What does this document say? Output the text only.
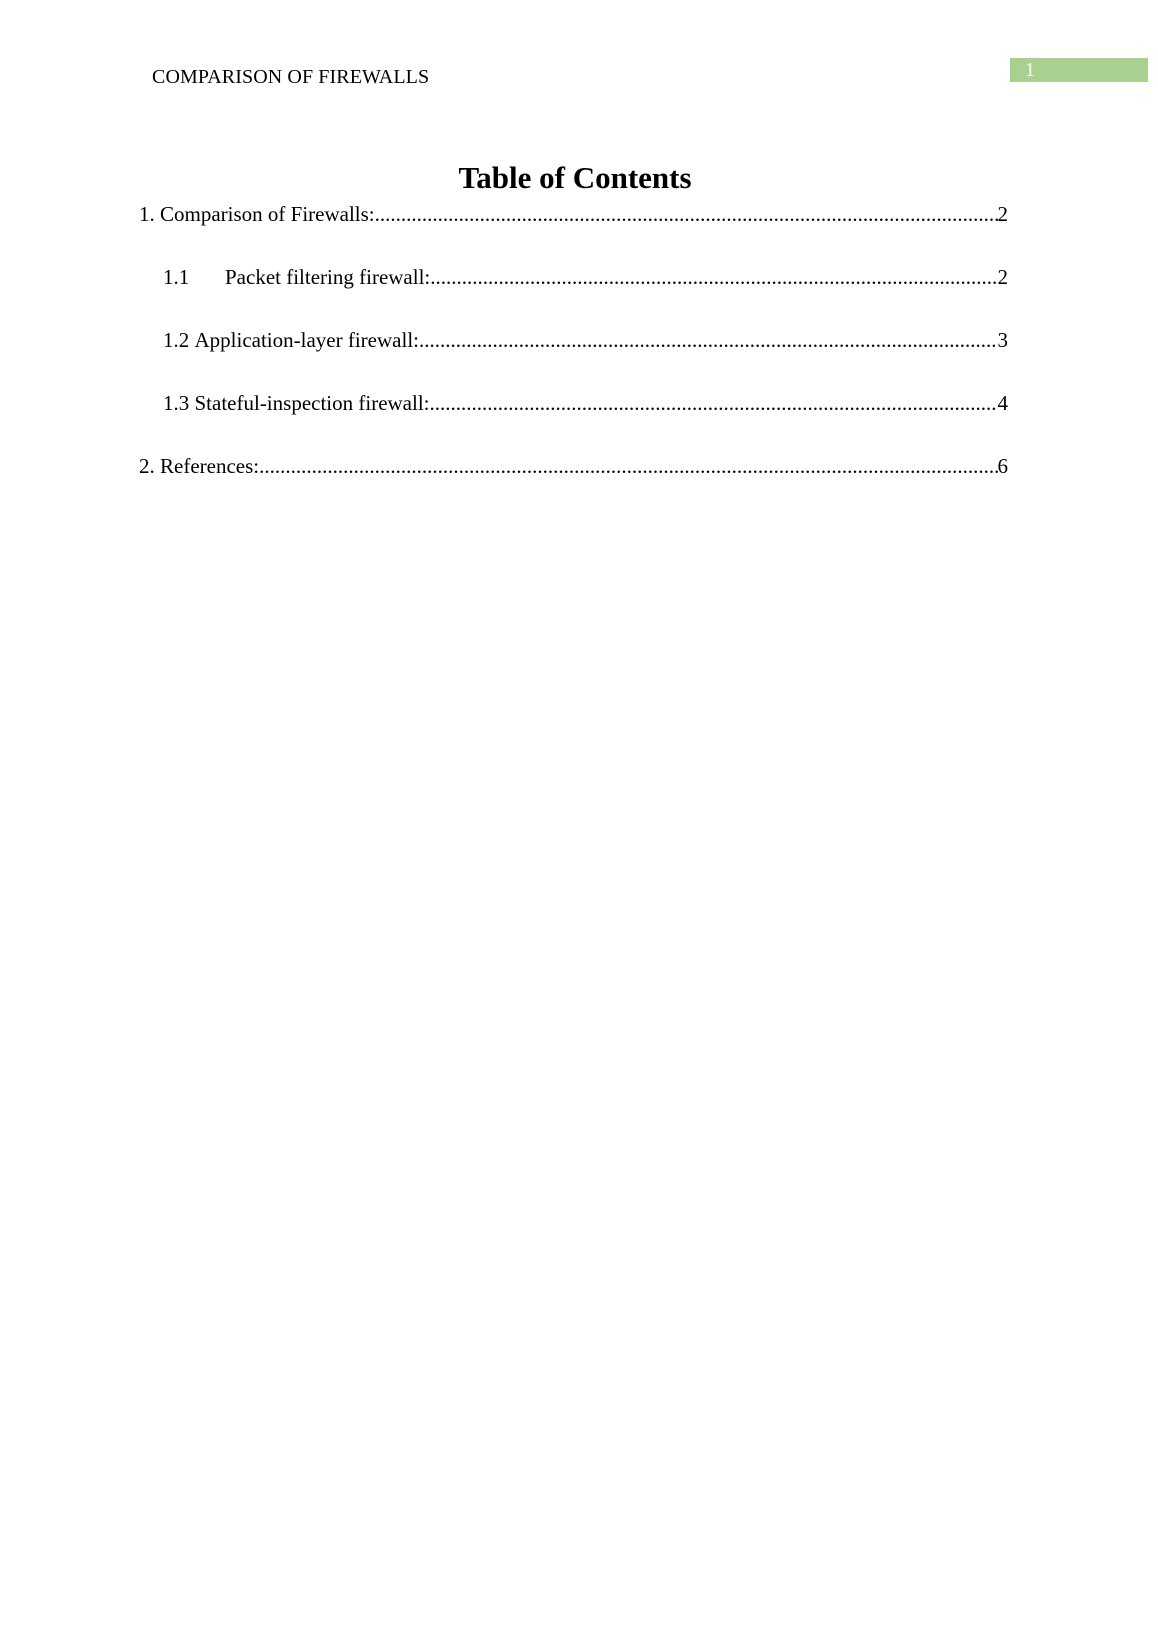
COMPARISON OF FIREWALLS	1
Table of Contents
1. Comparison of Firewalls: .....	2
1.1	Packet filtering firewall: .....	2
1.2 Application-layer firewall: .....	3
1.3 Stateful-inspection firewall: .....	4
2. References: .....	6
